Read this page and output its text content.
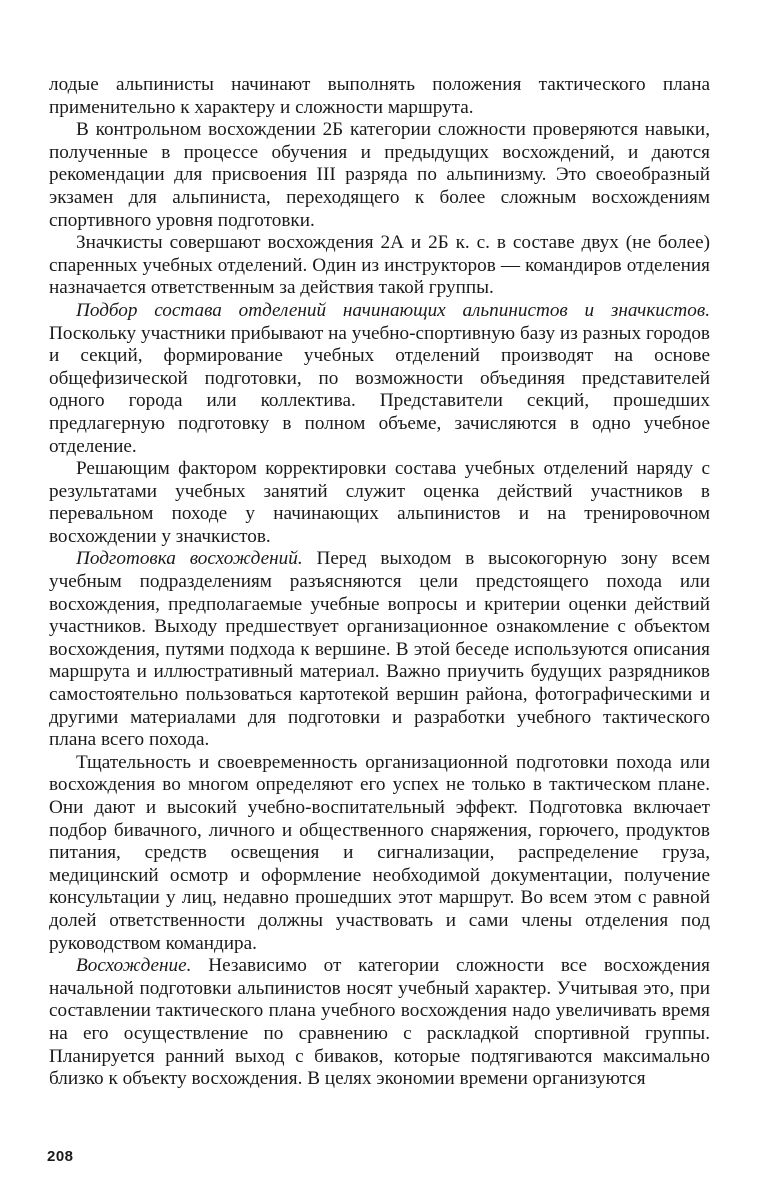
лодые альпинисты начинают выполнять положения тактического плана применительно к характеру и сложности маршрута.

В контрольном восхождении 2Б категории сложности проверяются навыки, полученные в процессе обучения и предыдущих восхождений, и даются рекомендации для присвоения III разряда по альпинизму. Это своеобразный экзамен для альпиниста, переходящего к более сложным восхождениям спортивного уровня подготовки.

Значкисты совершают восхождения 2А и 2Б к. с. в составе двух (не более) спаренных учебных отделений. Один из инструкторов — командиров отделения назначается ответственным за действия такой группы.

Подбор состава отделений начинающих альпинистов и значкистов. Поскольку участники прибывают на учебно-спортивную базу из разных городов и секций, формирование учебных отделений производят на основе общефизической подготовки, по возможности объединяя представителей одного города или коллектива. Представители секций, прошедших предлагерную подготовку в полном объеме, зачисляются в одно учебное отделение.

Решающим фактором корректировки состава учебных отделений наряду с результатами учебных занятий служит оценка действий участников в перевальном походе у начинающих альпинистов и на тренировочном восхождении у значкистов.

Подготовка восхождений. Перед выходом в высокогорную зону всем учебным подразделениям разъясняются цели предстоящего похода или восхождения, предполагаемые учебные вопросы и критерии оценки действий участников. Выходу предшествует организационное ознакомление с объектом восхождения, путями подхода к вершине. В этой беседе используются описания маршрута и иллюстративный материал. Важно приучить будущих разрядников самостоятельно пользоваться картотекой вершин района, фотографическими и другими материалами для подготовки и разработки учебного тактического плана всего похода.

Тщательность и своевременность организационной подготовки похода или восхождения во многом определяют его успех не только в тактическом плане. Они дают и высокий учебно-воспитательный эффект. Подготовка включает подбор бивачного, личного и общественного снаряжения, горючего, продуктов питания, средств освещения и сигнализации, распределение груза, медицинский осмотр и оформление необходимой документации, получение консультации у лиц, недавно прошедших этот маршрут. Во всем этом с равной долей ответственности должны участвовать и сами члены отделения под руководством командира.

Восхождение. Независимо от категории сложности все восхождения начальной подготовки альпинистов носят учебный характер. Учитывая это, при составлении тактического плана учебного восхождения надо увеличивать время на его осуществление по сравнению с раскладкой спортивной группы. Планируется ранний выход с биваков, которые подтягиваются максимально близко к объекту восхождения. В целях экономии времени организуются

208
